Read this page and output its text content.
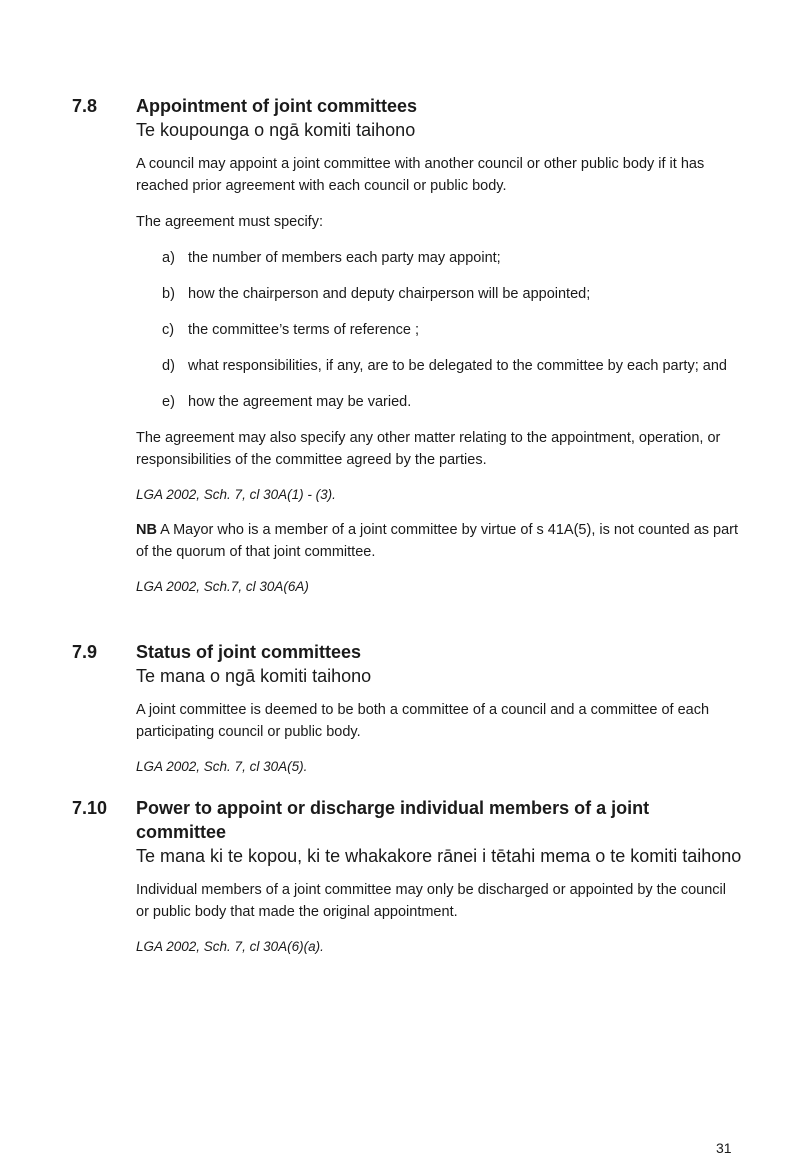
7.8 Appointment of joint committees
Te koupounga o ngā komiti taihono

A council may appoint a joint committee with another council or other public body if it has reached prior agreement with each council or public body.

The agreement must specify:

a) the number of members each party may appoint;
b) how the chairperson and deputy chairperson will be appointed;
c) the committee’s terms of reference ;
d) what responsibilities, if any, are to be delegated to the committee by each party; and
e) how the agreement may be varied.

The agreement may also specify any other matter relating to the appointment, operation, or responsibilities of the committee agreed by the parties.

LGA 2002, Sch. 7, cl 30A(1) - (3).

NB A Mayor who is a member of a joint committee by virtue of s 41A(5), is not counted as part of the quorum of that joint committee.

LGA 2002, Sch.7, cl 30A(6A)

7.9 Status of joint committees
Te mana o ngā komiti taihono

A joint committee is deemed to be both a committee of a council and a committee of each participating council or public body.

LGA 2002, Sch. 7, cl 30A(5).

7.10 Power to appoint or discharge individual members of a joint committee
Te mana ki te kopou, ki te whakakore rānei i tētahi mema o te komiti taihono

Individual members of a joint committee may only be discharged or appointed by the council or public body that made the original appointment.

LGA 2002, Sch. 7, cl 30A(6)(a).

31
